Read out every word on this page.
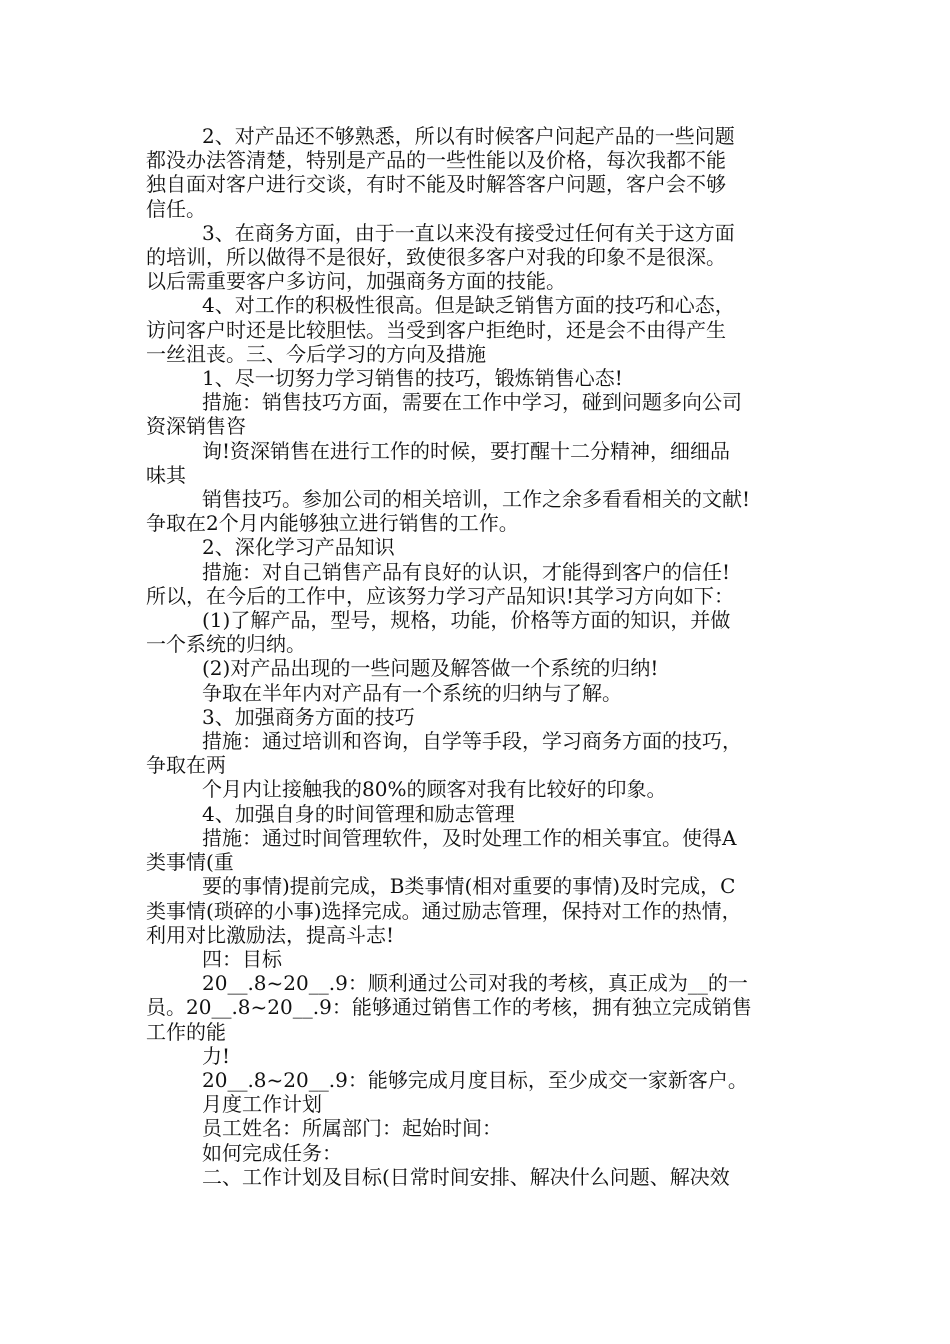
2、对产品还不够熟悉，所以有时候客户问起产品的一些问题
都没办法答清楚，特别是产品的一些性能以及价格，每次我都不能
独自面对客户进行交谈，有时不能及时解答客户问题，客户会不够
信任。
3、在商务方面，由于一直以来没有接受过任何有关于这方面
的培训，所以做得不是很好，致使很多客户对我的印象不是很深。
以后需重要客户多访问，加强商务方面的技能。
4、对工作的积极性很高。但是缺乏销售方面的技巧和心态，
访问客户时还是比较胆怯。当受到客户拒绝时，还是会不由得产生
一丝沮丧。三、今后学习的方向及措施
1、尽一切努力学习销售的技巧，锻炼销售心态!
措施：销售技巧方面，需要在工作中学习，碰到问题多向公司
资深销售咨
询!资深销售在进行工作的时候，要打醒十二分精神，细细品
味其
销售技巧。参加公司的相关培训，工作之余多看看相关的文献!
争取在2个月内能够独立进行销售的工作。
2、深化学习产品知识
措施：对自己销售产品有良好的认识，才能得到客户的信任!
所以，在今后的工作中，应该努力学习产品知识!其学习方向如下：
(1)了解产品，型号，规格，功能，价格等方面的知识，并做
一个系统的归纳。
(2)对产品出现的一些问题及解答做一个系统的归纳!
争取在半年内对产品有一个系统的归纳与了解。
3、加强商务方面的技巧
措施：通过培训和咨询，自学等手段，学习商务方面的技巧，
争取在两
个月内让接触我的80%的顾客对我有比较好的印象。
4、加强自身的时间管理和励志管理
措施：通过时间管理软件，及时处理工作的相关事宜。使得A
类事情(重
要的事情)提前完成，B类事情(相对重要的事情)及时完成，C
类事情(琐碎的小事)选择完成。通过励志管理，保持对工作的热情，
利用对比激励法，提高斗志!
四：目标
20__.8~20__.9：顺利通过公司对我的考核，真正成为__的一
员。20__.8~20__.9：能够通过销售工作的考核，拥有独立完成销售
工作的能
力!
20__.8~20__.9：能够完成月度目标，至少成交一家新客户。
月度工作计划
员工姓名：所属部门：起始时间：
如何完成任务：
二、工作计划及目标(日常时间安排、解决什么问题、解决效
